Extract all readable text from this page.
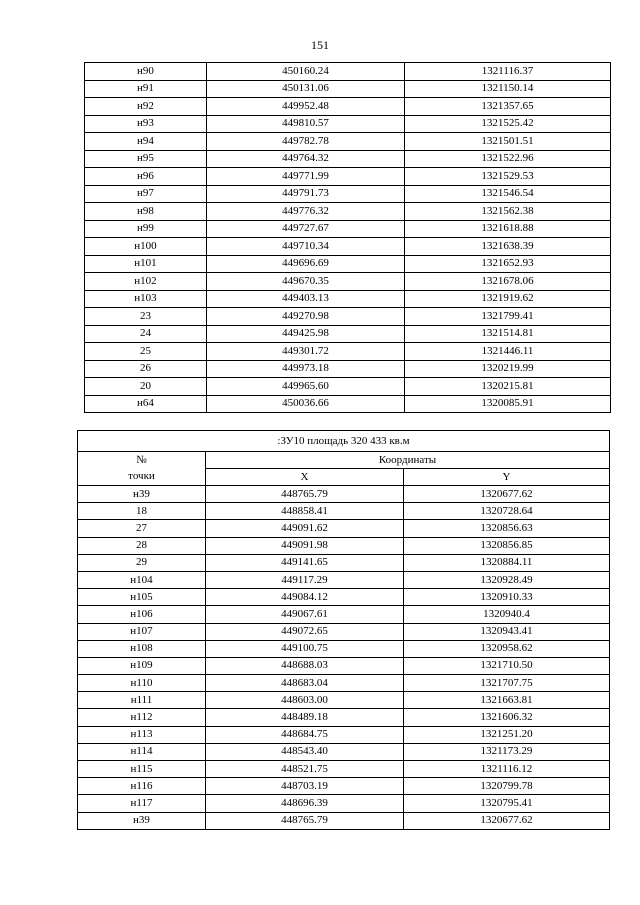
151
н90	450160.24	1321116.37
н91	450131.06	1321150.14
н92	449952.48	1321357.65
н93	449810.57	1321525.42
н94	449782.78	1321501.51
н95	449764.32	1321522.96
н96	449771.99	1321529.53
н97	449791.73	1321546.54
н98	449776.32	1321562.38
н99	449727.67	1321618.88
н100	449710.34	1321638.39
н101	449696.69	1321652.93
н102	449670.35	1321678.06
н103	449403.13	1321919.62
23	449270.98	1321799.41
24	449425.98	1321514.81
25	449301.72	1321446.11
26	449973.18	1320219.99
20	449965.60	1320215.81
н64	450036.66	1320085.91
:ЗУ10 площадь 320 433 кв.м		
№	Координаты	
точки	X	Y
н39	448765.79	1320677.62
18	448858.41	1320728.64
27	449091.62	1320856.63
28	449091.98	1320856.85
29	449141.65	1320884.11
н104	449117.29	1320928.49
н105	449084.12	1320910.33
н106	449067.61	1320940.4
н107	449072.65	1320943.41
н108	449100.75	1320958.62
н109	448688.03	1321710.50
н110	448683.04	1321707.75
н111	448603.00	1321663.81
н112	448489.18	1321606.32
н113	448684.75	1321251.20
н114	448543.40	1321173.29
н115	448521.75	1321116.12
н116	448703.19	1320799.78
н117	448696.39	1320795.41
н39	448765.79	1320677.62
